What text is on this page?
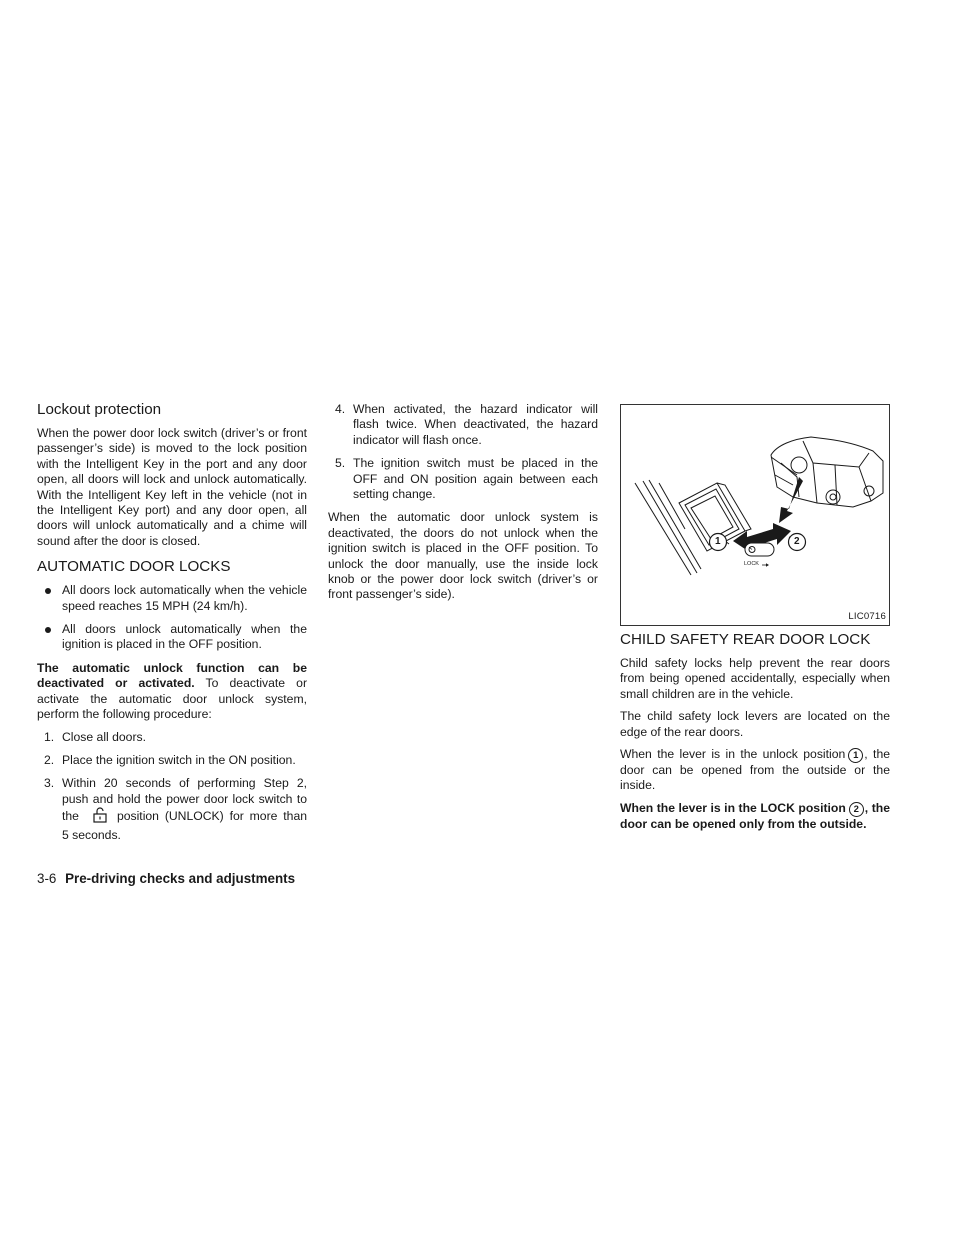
Lockout protection

When the power door lock switch (driver’s or front passenger’s side) is moved to the lock position with the Intelligent Key in the port and any door open, all doors will lock and unlock automatically. With the Intelligent Key left in the vehicle (not in the Intelligent Key port) and any door open, all doors will unlock automatically and a chime will sound after the door is closed.

AUTOMATIC DOOR LOCKS
All doors lock automatically when the vehicle speed reaches 15 MPH (24 km/h).
All doors unlock automatically when the ignition is placed in the OFF position.

The automatic unlock function can be deactivated or activated. To deactivate or activate the automatic door unlock system, perform the following procedure:

1. Close all doors.
2. Place the ignition switch in the ON position.
3. Within 20 seconds of performing Step 2, push and hold the power door lock switch to the	position (UNLOCK) for more than 5 seconds.
4. When activated, the hazard indicator will flash twice. When deactivated, the hazard indicator will flash once.
5. The ignition switch must be placed in the OFF and ON position again between each setting change.

When the automatic door unlock system is deactivated, the doors do not unlock when the ignition switch is placed in the OFF position. To unlock the door manually, use the inside lock knob or the power door lock switch (driver’s or front passenger’s side).

1	2
LOCK
LIC0716
CHILD SAFETY REAR DOOR LOCK

Child safety locks help prevent the rear doors from being opened accidentally, especially when small children are in the vehicle.

The child safety lock levers are located on the edge of the rear doors.

When the lever is in the unlock position 1 , the door can be opened from the outside or the inside.

When the lever is in the LOCK position 2 , the door can be opened only from the outside.

3-6 Pre-driving checks and adjustments
